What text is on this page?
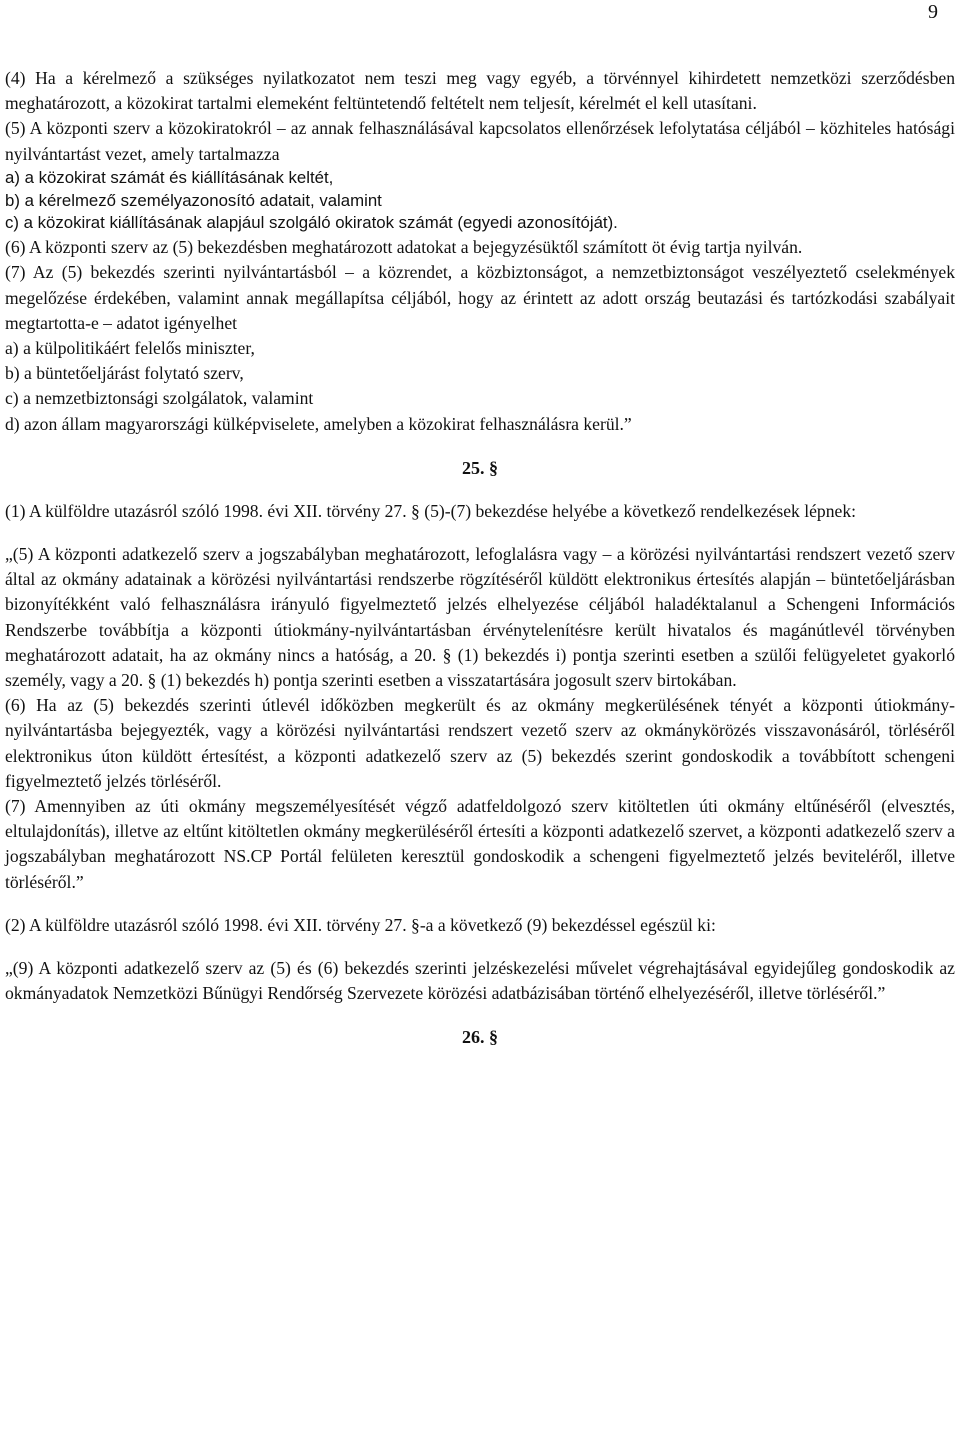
9

(4) Ha a kérelmező a szükséges nyilatkozatot nem teszi meg vagy egyéb, a törvénnyel kihirdetett nemzetközi szerződésben meghatározott, a közokirat tartalmi elemeként feltüntetendő feltételt nem teljesít, kérelmét el kell utasítani.

(5) A központi szerv a közokiratokról ‒ az annak felhasználásával kapcsolatos ellenőrzések lefolytatása céljából ‒ közhiteles hatósági nyilvántartást vezet, amely tartalmazza

a) a közokirat számát és kiállításának keltét,

b) a kérelmező személyazonosító adatait, valamint

c) a közokirat kiállításának alapjául szolgáló okiratok számát (egyedi azonosítóját).

(6) A központi szerv az (5) bekezdésben meghatározott adatokat a bejegyzésüktől számított öt évig tartja nyilván.

(7) Az (5) bekezdés szerinti nyilvántartásból ‒ a közrendet, a közbiztonságot, a nemzetbiztonságot veszélyeztető cselekmények megelőzése érdekében, valamint annak megállapítsa céljából, hogy az érintett az adott ország beutazási és tartózkodási szabályait megtartotta-e ‒ adatot igényelhet

a) a külpolitikáért felelős miniszter,

b) a büntetőeljárást folytató szerv,

c) a nemzetbiztonsági szolgálatok, valamint

d) azon állam magyarországi külképviselete, amelyben a közokirat felhasználásra kerül.”

25. §

(1) A külföldre utazásról szóló 1998. évi XII. törvény 27. § (5)-(7) bekezdése helyébe a következő rendelkezések lépnek:

„(5) A központi adatkezelő szerv a jogszabályban meghatározott, lefoglalásra vagy ‒ a körözési nyilvántartási rendszert vezető szerv által az okmány adatainak a körözési nyilvántartási rendszerbe rögzítéséről küldött elektronikus értesítés alapján ‒ büntetőeljárásban bizonyítékként való felhasználásra irányuló figyelmeztető jelzés elhelyezése céljából haladéktalanul a Schengeni Információs Rendszerbe továbbítja a központi útiokmány-nyilvántartásban érvénytelenítésre került hivatalos és magánútlevél törvényben meghatározott adatait, ha az okmány nincs a hatóság, a 20. § (1) bekezdés i) pontja szerinti esetben a szülői felügyeletet gyakorló személy, vagy a 20. § (1) bekezdés h) pontja szerinti esetben a visszatartására jogosult szerv birtokában.

(6) Ha az (5) bekezdés szerinti útlevél időközben megkerült és az okmány megkerülésének tényét a központi útiokmány-nyilvántartásba bejegyezték, vagy a körözési nyilvántartási rendszert vezető szerv az okmánykörözés visszavonásáról, törléséről elektronikus úton küldött értesítést, a központi adatkezelő szerv az (5) bekezdés szerint gondoskodik a továbbított schengeni figyelmeztető jelzés törléséről.

(7) Amennyiben az úti okmány megszemélyesítését végző adatfeldolgozó szerv kitöltetlen úti okmány eltűnéséről (elvesztés, eltulajdonítás), illetve az eltűnt kitöltetlen okmány megkerüléséről értesíti a központi adatkezelő szervet, a központi adatkezelő szerv a jogszabályban meghatározott NS.CP Portál felületen keresztül gondoskodik a schengeni figyelmeztető jelzés beviteléről, illetve törléséről.”

(2) A külföldre utazásról szóló 1998. évi XII. törvény 27. §-a a következő (9) bekezdéssel egészül ki:

„(9) A központi adatkezelő szerv az (5) és (6) bekezdés szerinti jelzéskezelési művelet végrehajtásával egyidejűleg gondoskodik az okmányadatok Nemzetközi Bűnügyi Rendőrség Szervezete körözési adatbázisában történő elhelyezéséről, illetve törléséről.”

26. §
